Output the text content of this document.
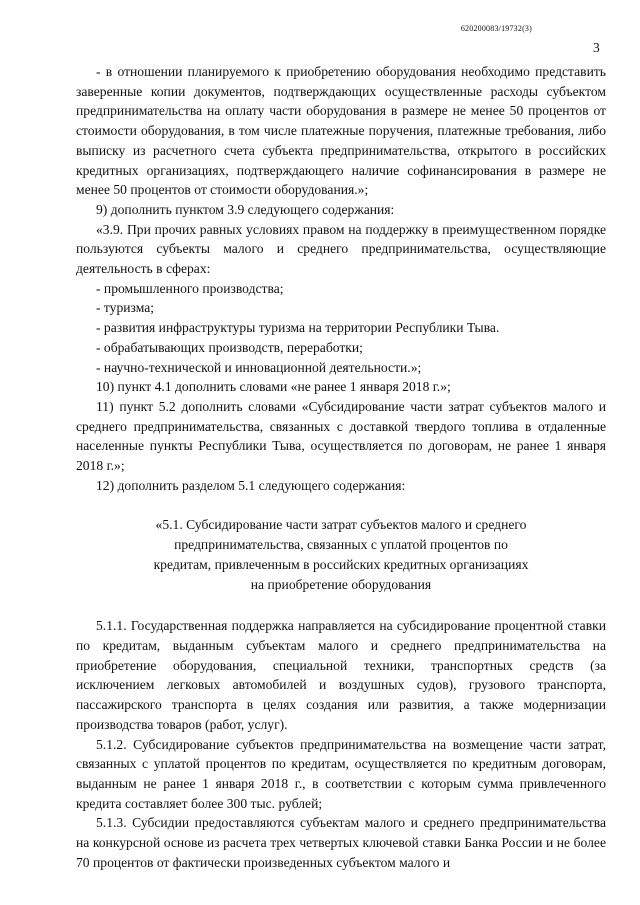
620200083/19732(3)
3

- в отношении планируемого к приобретению оборудования необходимо представить заверенные копии документов, подтверждающих осуществленные расходы субъектом предпринимательства на оплату части оборудования в размере не менее 50 процентов от стоимости оборудования, в том числе платежные поручения, платежные требования, либо выписку из расчетного счета субъекта предпринимательства, открытого в российских кредитных организациях, подтверждающего наличие софинансирования в размере не менее 50 процентов от стоимости оборудования.»;

9) дополнить пунктом 3.9 следующего содержания:

«3.9. При прочих равных условиях правом на поддержку в преимущественном порядке пользуются субъекты малого и среднего предпринимательства, осуществляющие деятельность в сферах:

- промышленного производства;

- туризма;

- развития инфраструктуры туризма на территории Республики Тыва.

- обрабатывающих производств, переработки;

- научно-технической и инновационной деятельности.»;

10) пункт 4.1 дополнить словами «не ранее 1 января 2018 г.»;

11) пункт 5.2 дополнить словами «Субсидирование части затрат субъектов малого и среднего предпринимательства, связанных с доставкой твердого топлива в отдаленные населенные пункты Республики Тыва, осуществляется по договорам, не ранее 1 января 2018 г.»;

12) дополнить разделом 5.1 следующего содержания:

«5.1. Субсидирование части затрат субъектов малого и среднего предпринимательства, связанных с уплатой процентов по кредитам, привлеченным в российских кредитных организациях на приобретение оборудования

5.1.1. Государственная поддержка направляется на субсидирование процентной ставки по кредитам, выданным субъектам малого и среднего предпринимательства на приобретение оборудования, специальной техники, транспортных средств (за исключением легковых автомобилей и воздушных судов), грузового транспорта, пассажирского транспорта в целях создания или развития, а также модернизации производства товаров (работ, услуг).

5.1.2. Субсидирование субъектов предпринимательства на возмещение части затрат, связанных с уплатой процентов по кредитам, осуществляется по кредитным договорам, выданным не ранее 1 января 2018 г., в соответствии с которым сумма привлеченного кредита составляет более 300 тыс. рублей;

5.1.3. Субсидии предоставляются субъектам малого и среднего предпринимательства на конкурсной основе из расчета трех четвертых ключевой ставки Банка России и не более 70 процентов от фактически произведенных субъектом малого и
